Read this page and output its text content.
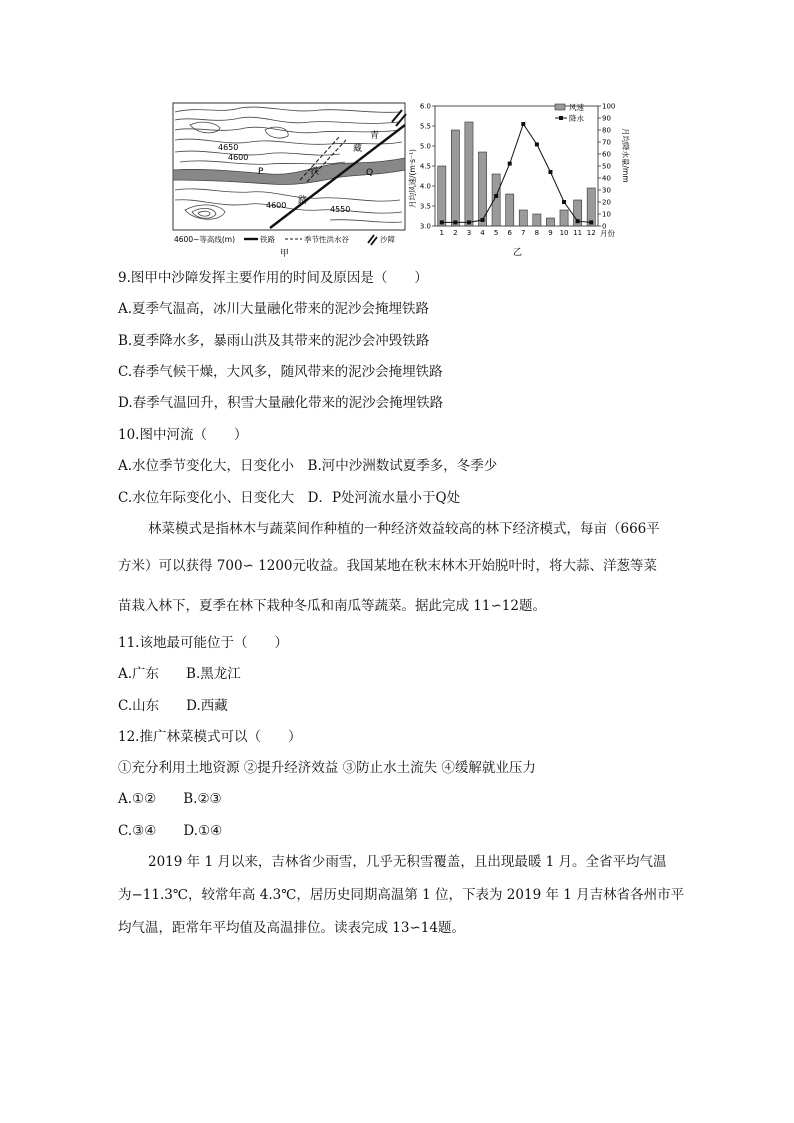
4650
4600
4600	4550
P	Q
青
藏
铁
路
4600~等高线(m)	铁路	季节性洪水谷	沙障
甲
月均风速/(m·s⁻¹)	月均降水量/mm
风速
降水
月份
乙
3.0
3.5
4.0
4.5
5.0
5.5
6.0
0
10
20
30
40
50
60
70
80
90
100
1 2 3 4 5 6 7 8 9 10 11 12
9.图甲中沙障发挥主要作用的时间及原因是（　　）
A.夏季气温高，冰川大量融化带来的泥沙会掩埋铁路
B.夏季降水多，暴雨山洪及其带来的泥沙会冲毁铁路
C.春季气候干燥，大风多，随风带来的泥沙会掩埋铁路
D.春季气温回升，积雪大量融化带来的泥沙会掩埋铁路
10.图中河流（　　）
A.水位季节变化大，日变化小　B.河中沙洲数试夏季多，冬季少
C.水位年际变化小、日变化大　D．P处河流水量小于Q处
林菜模式是指林木与蔬菜间作种植的一种经济效益较高的林下经济模式，每亩（666平
方米）可以获得 700∽ 1200元收益。我国某地在秋末林木开始脱叶时，将大蒜、洋葱等菜
苗栽入林下，夏季在林下栽种冬瓜和南瓜等蔬菜。据此完成 11∽12题。
11.该地最可能位于（　　）
A.广东　　B.黑龙江
C.山东　　D.西藏
12.推广林菜模式可以（　　）
①充分利用土地资源 ②提升经济效益 ③防止水土流失 ④缓解就业压力
A.①②　　B.②③
C.③④　　D.①④
2019 年 1 月以来，吉林省少雨雪，几乎无积雪覆盖，且出现最暖 1 月。全省平均气温
为−11.3℃，较常年高 4.3℃，居历史同期高温第 1 位，下表为 2019 年 1 月吉林省各州市平
均气温，距常年平均值及高温排位。读表完成 13∽14题。
